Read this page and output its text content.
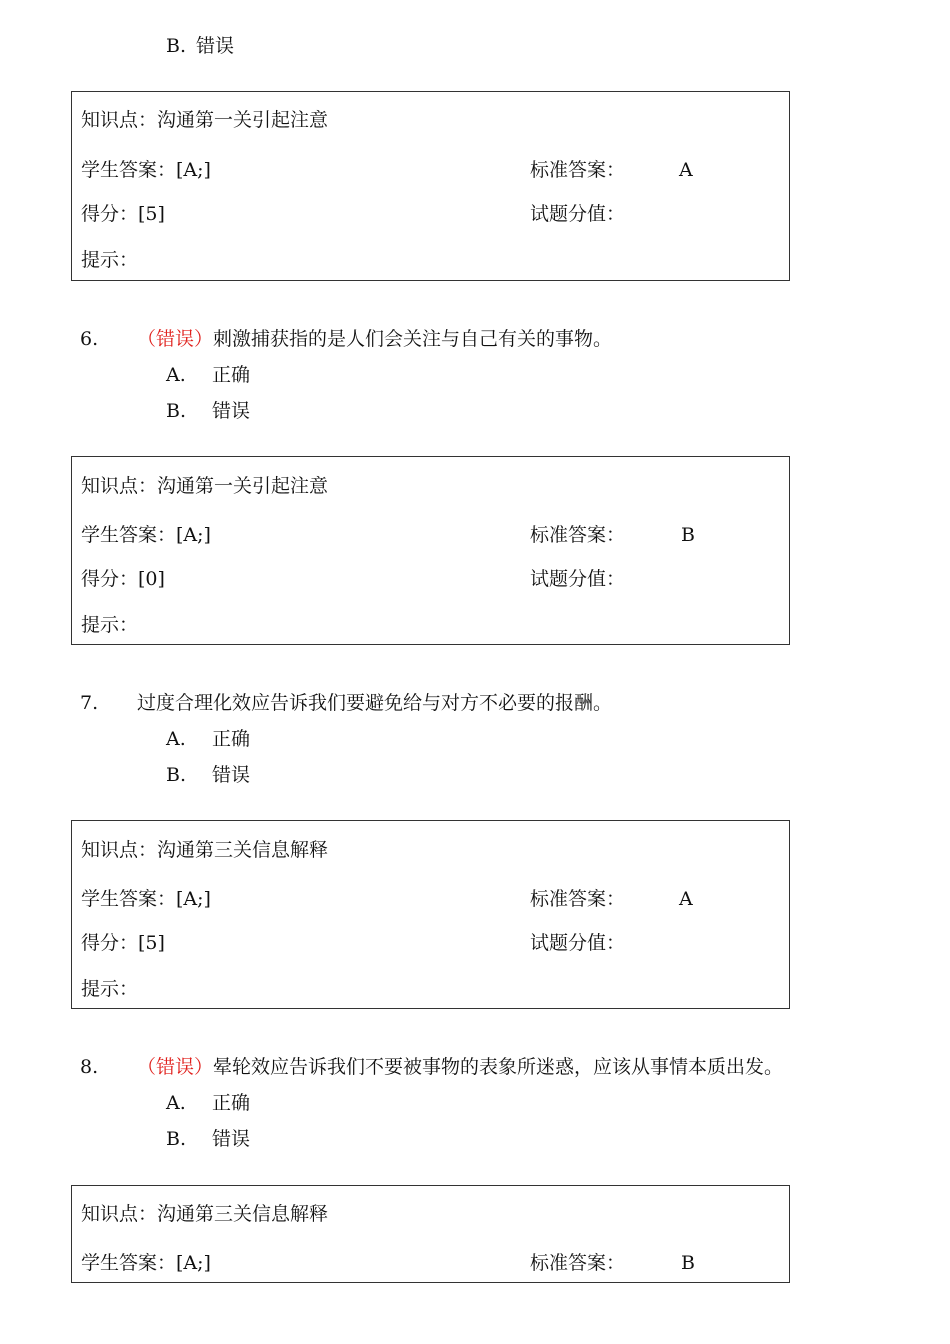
B. 错误
知识点：沟通第一关引起注意
学生答案：[A;]	标准答案：	A
得分：[5]	试题分值：
提示：
6. （错误）刺激捕获指的是人们会关注与自己有关的事物。
A. 正确
B. 错误
知识点：沟通第一关引起注意
学生答案：[A;]	标准答案：	B
得分：[0]	试题分值：
提示：
7. 过度合理化效应告诉我们要避免给与对方不必要的报酬。
A. 正确
B. 错误
知识点：沟通第三关信息解释
学生答案：[A;]	标准答案：	A
得分：[5]	试题分值：
提示：
8. （错误）晕轮效应告诉我们不要被事物的表象所迷惑，应该从事情本质出发。
A. 正确
B. 错误
知识点：沟通第三关信息解释
学生答案：[A;]	标准答案：	B
